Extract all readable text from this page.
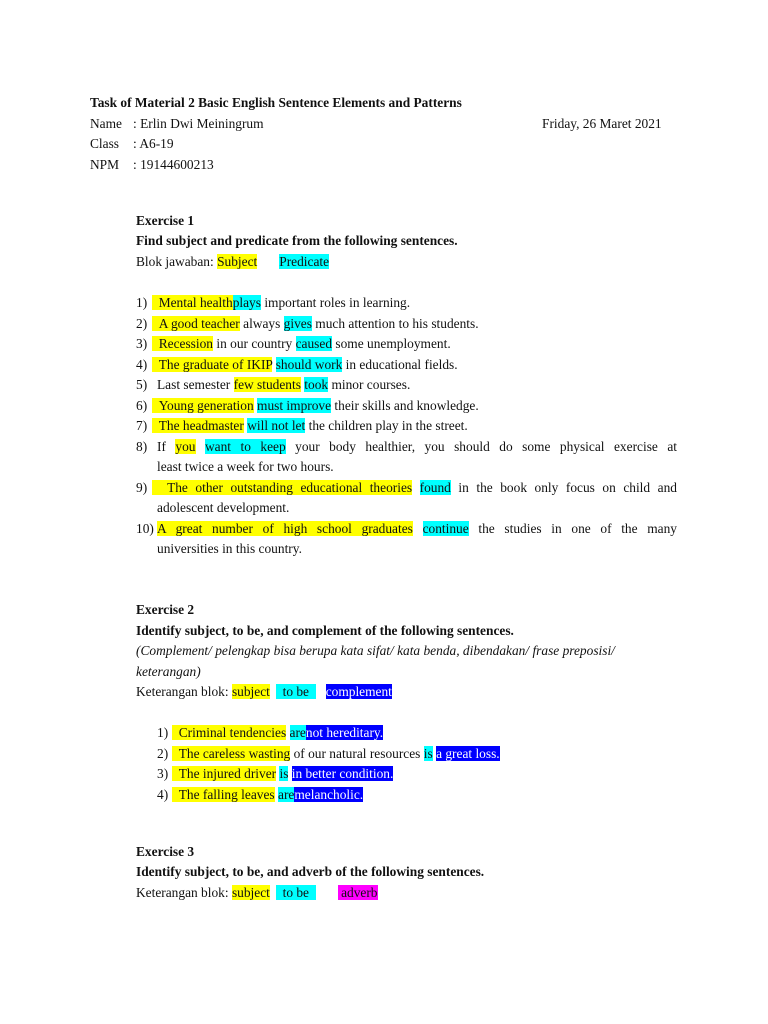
Task of Material 2 Basic English Sentence Elements and Patterns
Name : Erlin Dwi Meiningrum	Friday, 26 Maret 2021
Class : A6-19
NPM : 19144600213
Exercise 1
Find subject and predicate from the following sentences.
Blok jawaban: Subject Predicate
1) Mental healthplays important roles in learning.
2) A good teacher always gives much attention to his students.
3) Recession in our country caused some unemployment.
4) The graduate of IKIP should work in educational fields.
5) Last semester few students took minor courses.
6) Young generation must improve their skills and knowledge.
7) The headmaster will not let the children play in the street.
8) If you want to keep your body healthier, you should do some physical exercise at
least twice a week for two hours.
9)	The other outstanding educational theories found in the book only focus on child and
adolescent development.
10) A great number of high school graduates continue the studies in one of the many
universities in this country.
Exercise 2
Identify subject, to be, and complement of the following sentences.
(Complement/ pelengkap bisa berupa kata sifat/ kata benda, dibendakan/ frase preposisi/
keterangan)
Keterangan blok: subject to be complement
1) Criminal tendencies arenot hereditary.
2) The careless wasting of our natural resources is a great loss.
3) The injured driver is in better condition.
4) The falling leaves aremelancholic.
Exercise 3
Identify subject, to be, and adverb of the following sentences.
Keterangan blok: subject to be adverb
